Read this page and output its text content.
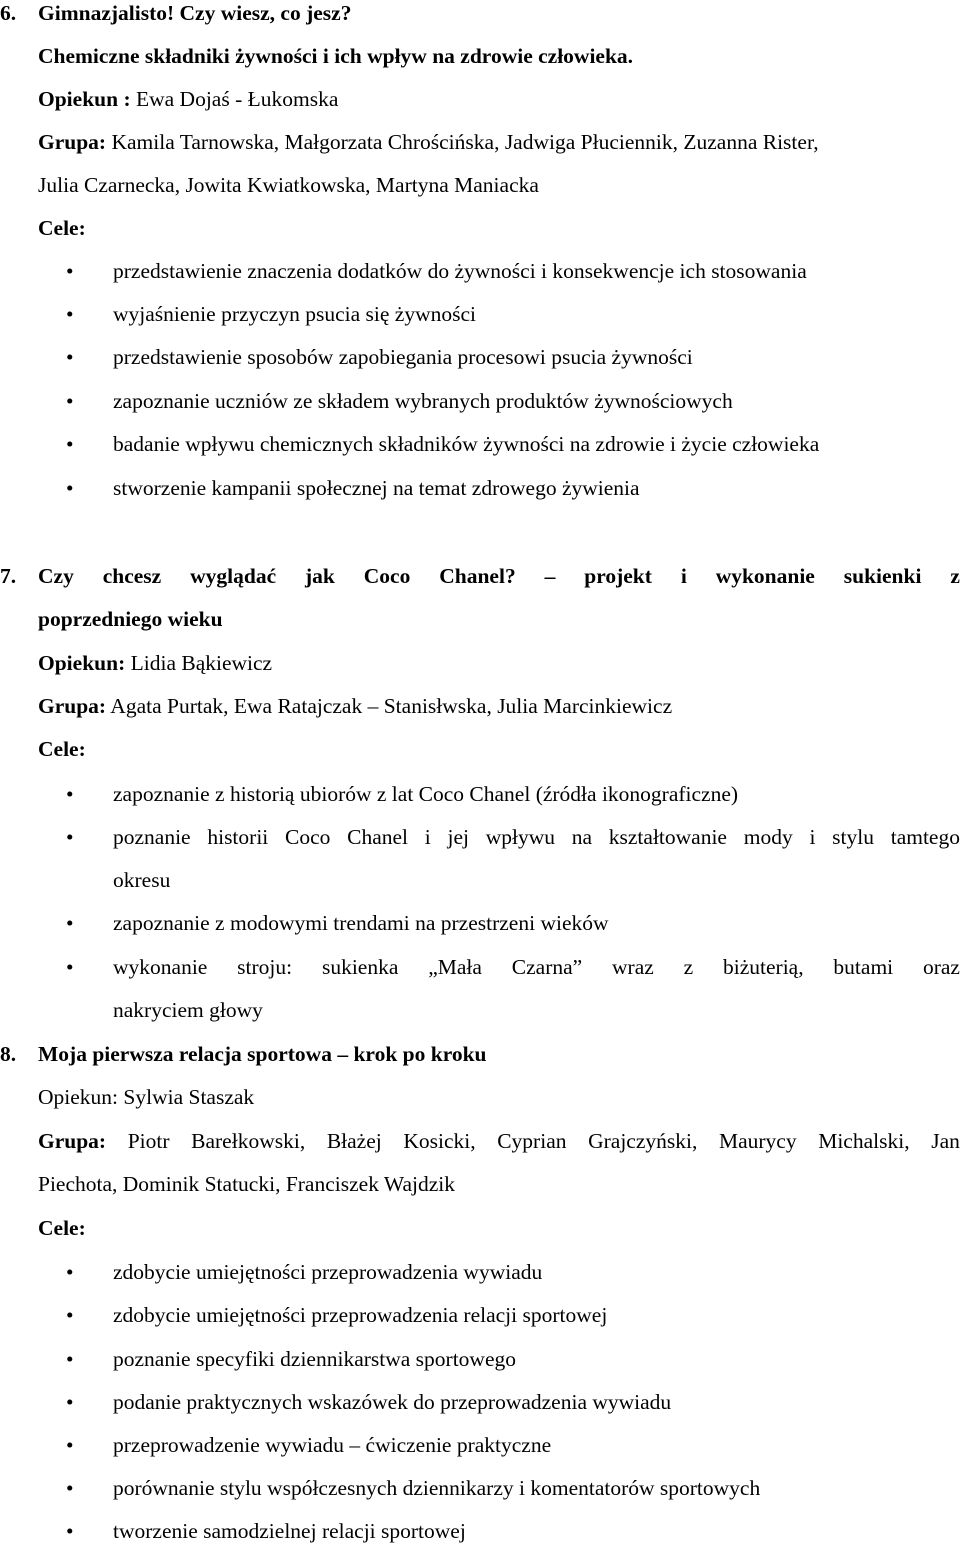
6. Gimnazjalisto! Czy wiesz, co jesz?
Chemiczne składniki żywności i ich wpływ na zdrowie człowieka.
Opiekun : Ewa Dojaś - Łukomska
Grupa: Kamila Tarnowska, Małgorzata Chrościńska, Jadwiga Płuciennik, Zuzanna Rister,
Julia Czarnecka, Jowita Kwiatkowska, Martyna Maniacka
Cele:
•	przedstawienie znaczenia dodatków do żywności i konsekwencje ich stosowania
•	wyjaśnienie przyczyn psucia się żywności
•	przedstawienie sposobów zapobiegania procesowi psucia żywności
•	zapoznanie uczniów ze składem wybranych produktów żywnościowych
•	badanie wpływu chemicznych składników żywności na zdrowie i życie człowieka
•	stworzenie kampanii społecznej na temat zdrowego żywienia
7. Czy chcesz wyglądać jak Coco Chanel? – projekt i wykonanie sukienki z
poprzedniego wieku
Opiekun: Lidia Bąkiewicz
Grupa: Agata Purtak, Ewa Ratajczak – Stanisłwska, Julia Marcinkiewicz
Cele:
•	zapoznanie z historią ubiorów z lat Coco Chanel (źródła ikonograficzne)
•	poznanie historii Coco Chanel i jej wpływu na kształtowanie mody i stylu tamtego
okresu
•	zapoznanie z modowymi trendami na przestrzeni wieków
•	wykonanie stroju: sukienka „Mała Czarna” wraz z biżuterią, butami oraz
nakryciem głowy
8. Moja pierwsza relacja sportowa – krok po kroku
Opiekun: Sylwia Staszak
Grupa: Piotr Barełkowski, Błażej Kosicki, Cyprian Grajczyński, Maurycy Michalski, Jan
Piechota, Dominik Statucki, Franciszek Wajdzik
Cele:
•	zdobycie umiejętności przeprowadzenia wywiadu
•	zdobycie umiejętności przeprowadzenia relacji sportowej
•	poznanie specyfiki dziennikarstwa sportowego
•	podanie praktycznych wskazówek do przeprowadzenia wywiadu
•	przeprowadzenie wywiadu – ćwiczenie praktyczne
•	porównanie stylu współczesnych dziennikarzy i komentatorów sportowych
•	tworzenie samodzielnej relacji sportowej
